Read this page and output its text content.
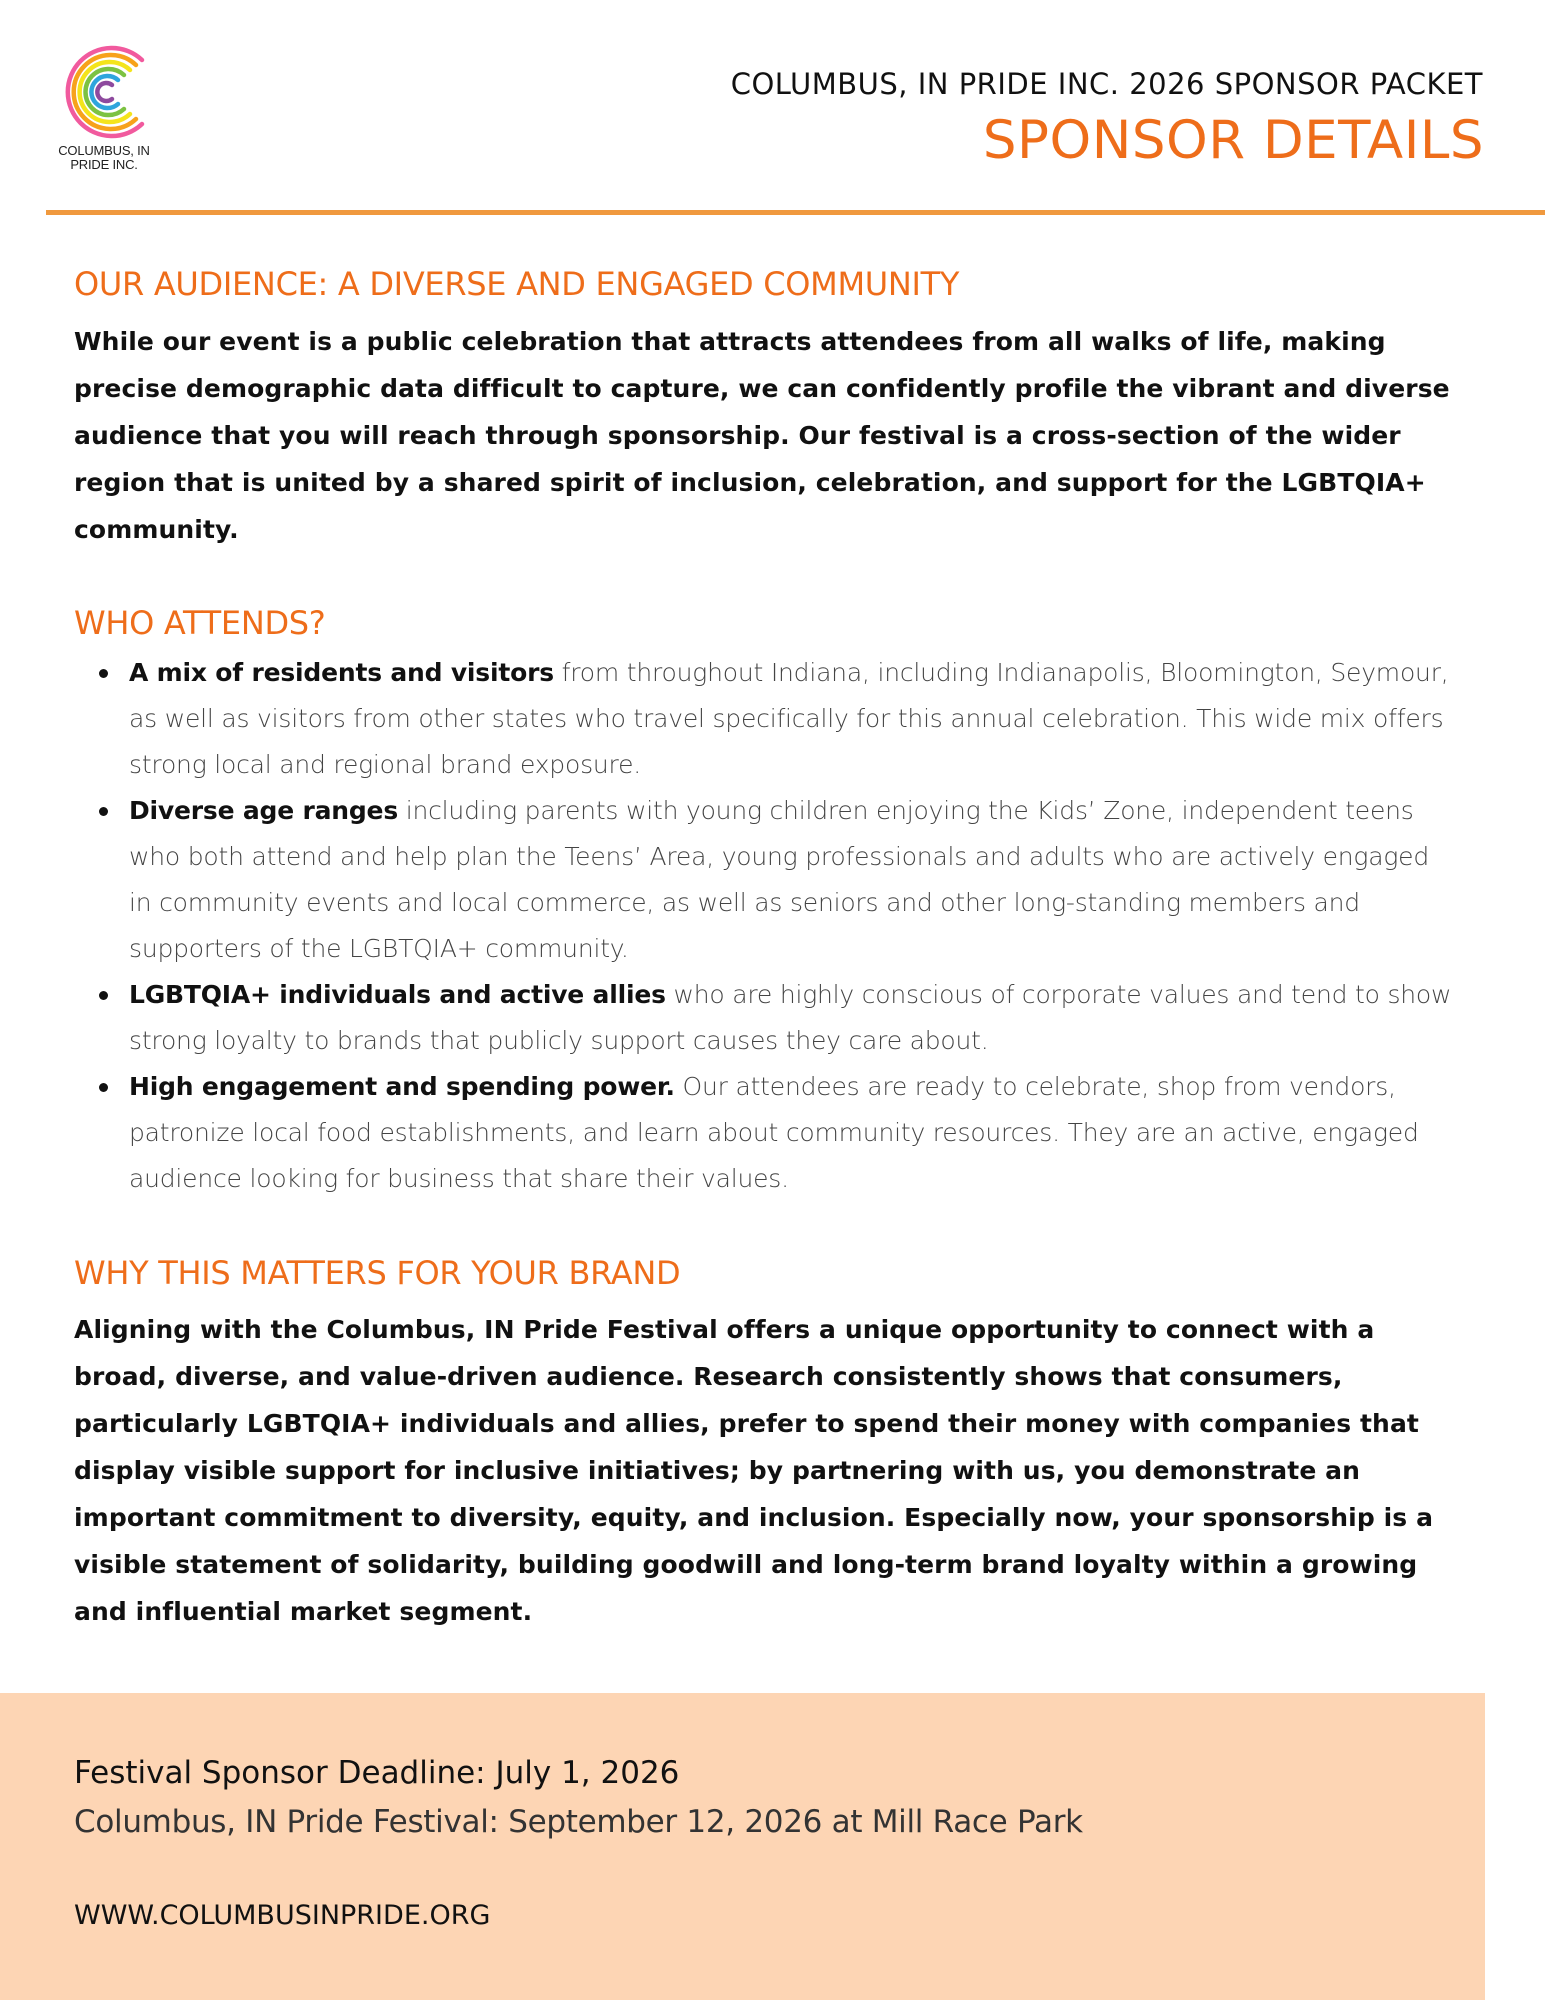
COLUMBUS, IN
PRIDE INC.
COLUMBUS, IN PRIDE INC. 2026 SPONSOR PACKET
SPONSOR DETAILS
OUR AUDIENCE: A DIVERSE AND ENGAGED COMMUNITY
While our event is a public celebration that attracts attendees from all walks of life, making precise demographic data difficult to capture, we can confidently profile the vibrant and diverse audience that you will reach through sponsorship. Our festival is a cross-section of the wider region that is united by a shared spirit of inclusion, celebration, and support for the LGBTQIA+ community.
WHO ATTENDS?
A mix of residents and visitors from throughout Indiana, including Indianapolis, Bloomington, Seymour, as well as visitors from other states who travel specifically for this annual celebration. This wide mix offers strong local and regional brand exposure.
Diverse age ranges including parents with young children enjoying the Kids’ Zone, independent teens who both attend and help plan the Teens’ Area, young professionals and adults who are actively engaged in community events and local commerce, as well as seniors and other long-standing members and supporters of the LGBTQIA+ community.
LGBTQIA+ individuals and active allies who are highly conscious of corporate values and tend to show strong loyalty to brands that publicly support causes they care about.
High engagement and spending power. Our attendees are ready to celebrate, shop from vendors, patronize local food establishments, and learn about community resources. They are an active, engaged audience looking for business that share their values.
WHY THIS MATTERS FOR YOUR BRAND
Aligning with the Columbus, IN Pride Festival offers a unique opportunity to connect with a broad, diverse, and value-driven audience. Research consistently shows that consumers, particularly LGBTQIA+ individuals and allies, prefer to spend their money with companies that display visible support for inclusive initiatives; by partnering with us, you demonstrate an important commitment to diversity, equity, and inclusion. Especially now, your sponsorship is a visible statement of solidarity, building goodwill and long-term brand loyalty within a growing and influential market segment.
Festival Sponsor Deadline: July 1, 2026
Columbus, IN Pride Festival: September 12, 2026 at Mill Race Park
WWW.COLUMBUSINPRIDE.ORG
